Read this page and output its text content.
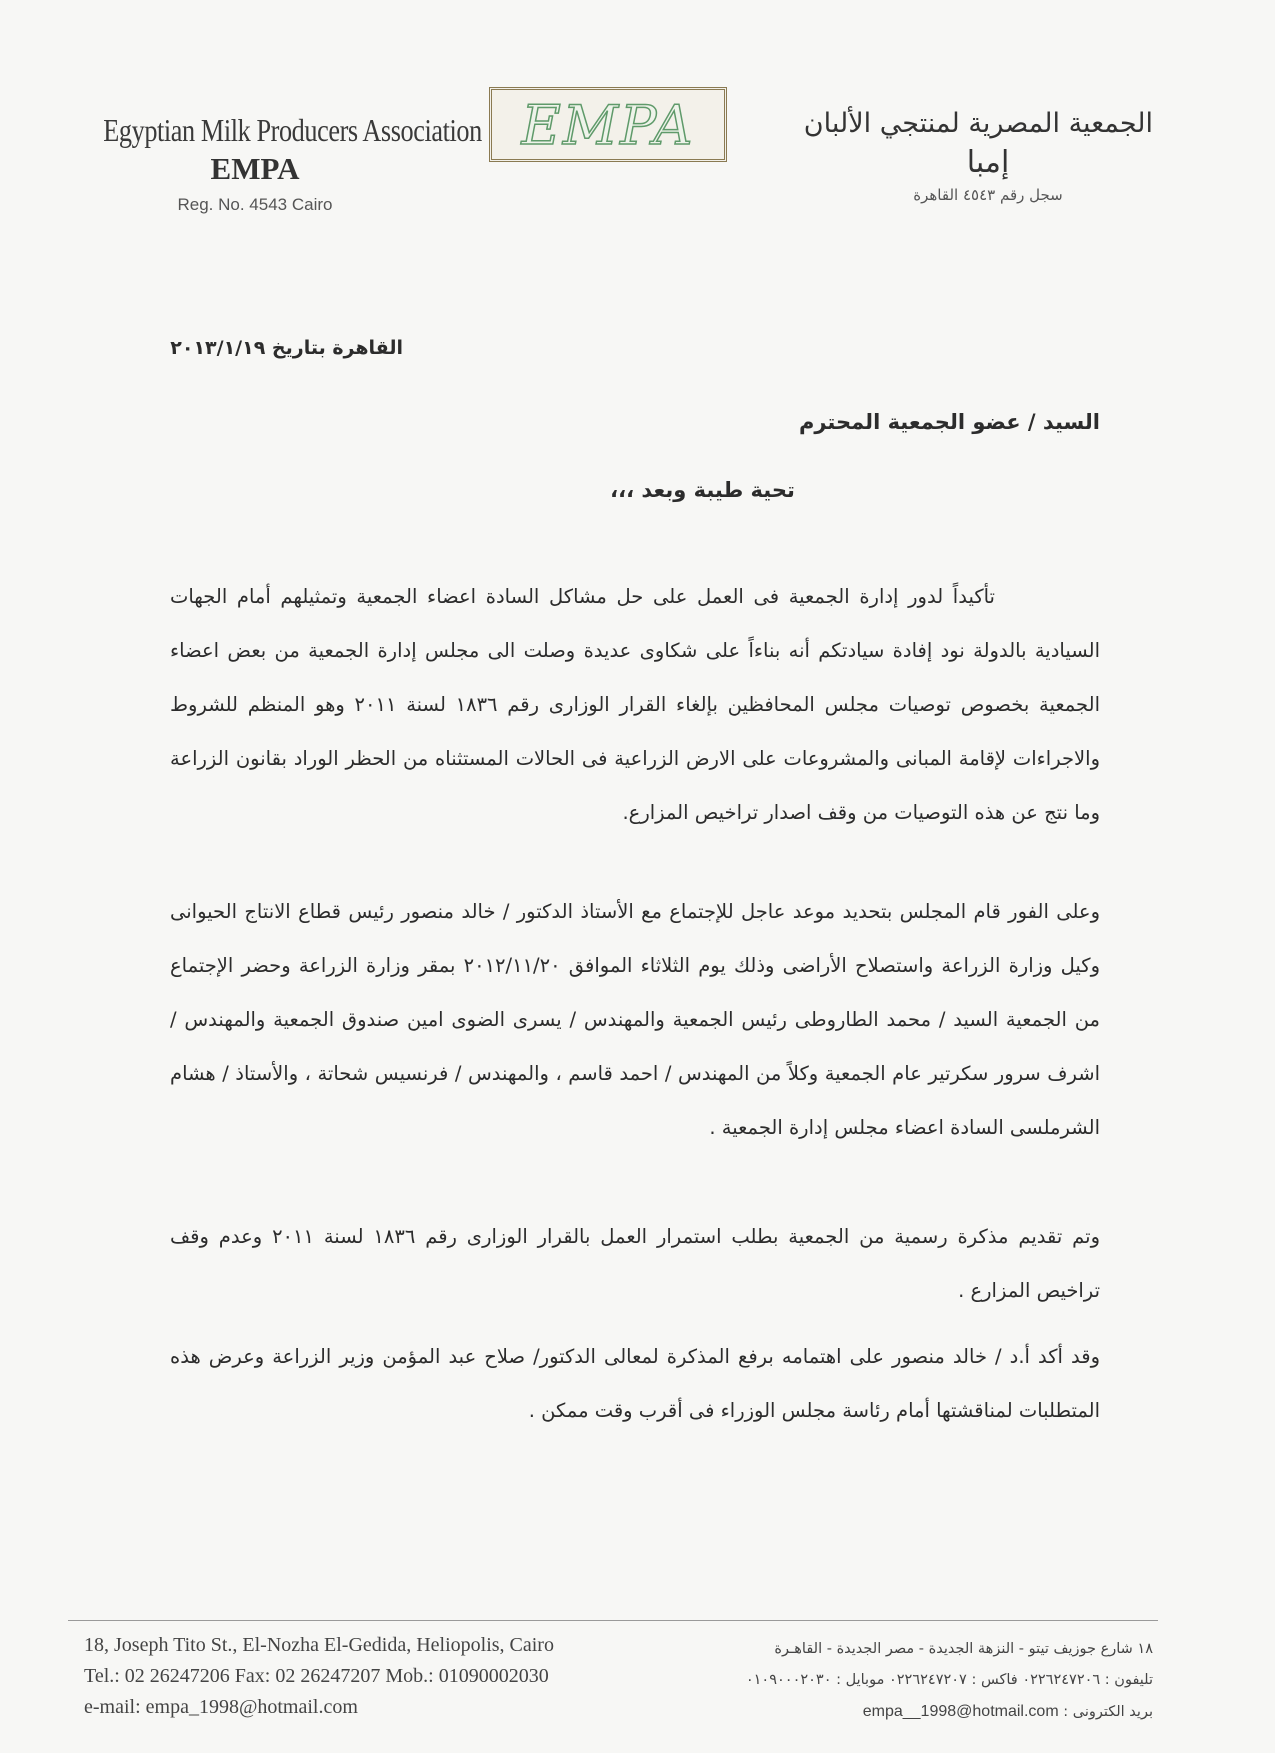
Egyptian Milk Producers Association
EMPA
Reg. No. 4543 Cairo
EMPA	الجمعية المصرية لمنتجي الألبان
إمبا
سجل رقم ٤٥٤٣ القاهرة
القاهرة بتاريخ ٢٠١٣/١/١٩
السيد / عضو الجمعية المحترم
تحية طيبة وبعد ،،،
تأكيداً لدور إدارة الجمعية فى العمل على حل مشاكل السادة اعضاء الجمعية وتمثيلهم أمام الجهات السيادية بالدولة نود إفادة سيادتكم أنه بناءاً على شكاوى عديدة وصلت الى مجلس إدارة الجمعية من بعض اعضاء الجمعية بخصوص توصيات مجلس المحافظين بإلغاء القرار الوزارى رقم ١٨٣٦ لسنة ٢٠١١ وهو المنظم للشروط والاجراءات لإقامة المبانى والمشروعات على الارض الزراعية فى الحالات المستثناه من الحظر الوراد بقانون الزراعة وما نتج عن هذه التوصيات من وقف اصدار تراخيص المزارع.
وعلى الفور قام المجلس بتحديد موعد عاجل للإجتماع مع الأستاذ الدكتور / خالد منصور رئيس قطاع الانتاج الحيوانى وكيل وزارة الزراعة واستصلاح الأراضى وذلك يوم الثلاثاء الموافق ٢٠١٢/١١/٢٠ بمقر وزارة الزراعة وحضر الإجتماع من الجمعية السيد / محمد الطاروطى رئيس الجمعية والمهندس / يسرى الضوى امين صندوق الجمعية والمهندس / اشرف سرور سكرتير عام الجمعية وكلاً من المهندس / احمد قاسم ، والمهندس / فرنسيس شحاتة ، والأستاذ / هشام الشرملسى السادة اعضاء مجلس إدارة الجمعية .
وتم تقديم مذكرة رسمية من الجمعية بطلب استمرار العمل بالقرار الوزارى رقم ١٨٣٦ لسنة ٢٠١١ وعدم وقف تراخيص المزارع .
وقد أكد أ.د / خالد منصور على اهتمامه برفع المذكرة لمعالى الدكتور/ صلاح عبد المؤمن وزير الزراعة وعرض هذه المتطلبات لمناقشتها أمام رئاسة مجلس الوزراء فى أقرب وقت ممكن .
18, Joseph Tito St., El-Nozha El-Gedida, Heliopolis, Cairo
Tel.: 02 26247206 Fax: 02 26247207 Mob.: 01090002030
e-mail: empa_1998@hotmail.com
١٨ شارع جوزيف تيتو - النزهة الجديدة - مصر الجديدة - القاهـرة
تليفون : ٠٢٢٦٢٤٧٢٠٦ فاكس : ٠٢٢٦٢٤٧٢٠٧ موبايل : ٠١٠٩٠٠٠٢٠٣٠
بريد الكترونى : empa__1998@hotmail.com
